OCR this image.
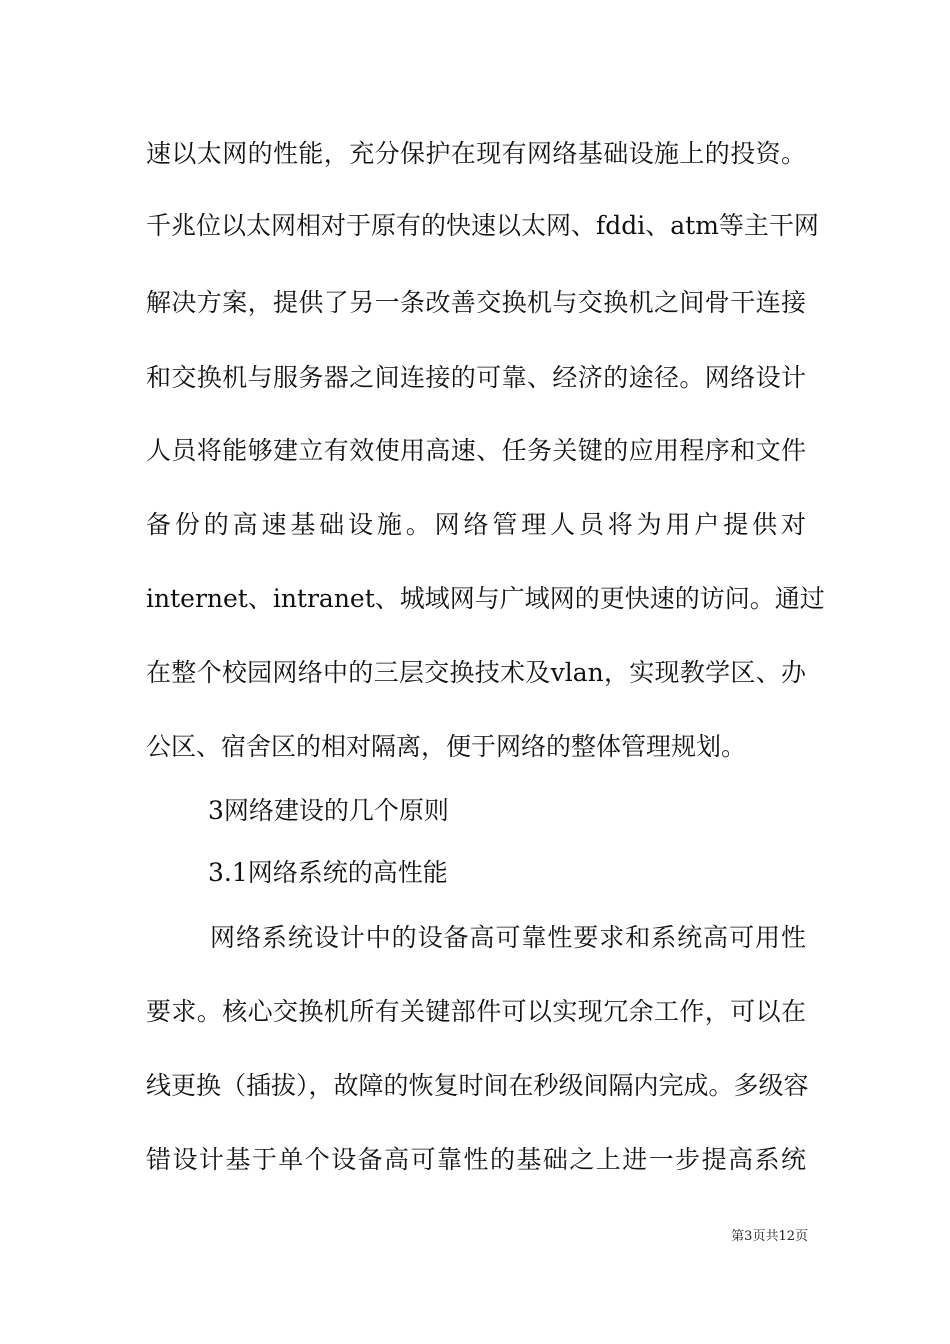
速以太网的性能，充分保护在现有网络基础设施上的投资。
千兆位以太网相对于原有的快速以太网、fddi、atm等主干网
解决方案，提供了另一条改善交换机与交换机之间骨干连接
和交换机与服务器之间连接的可靠、经济的途径。网络设计
人员将能够建立有效使用高速、任务关键的应用程序和文件
备份的高速基础设施。网络管理人员将为用户提供对
internet、intranet、城域网与广域网的更快速的访问。通过
在整个校园网络中的三层交换技术及vlan，实现教学区、办
公区、宿舍区的相对隔离，便于网络的整体管理规划。
3网络建设的几个原则
3.1网络系统的高性能
网络系统设计中的设备高可靠性要求和系统高可用性
要求。核心交换机所有关键部件可以实现冗余工作，可以在
线更换（插拔），故障的恢复时间在秒级间隔内完成。多级容
错设计基于单个设备高可靠性的基础之上进一步提高系统
第3页共12页
